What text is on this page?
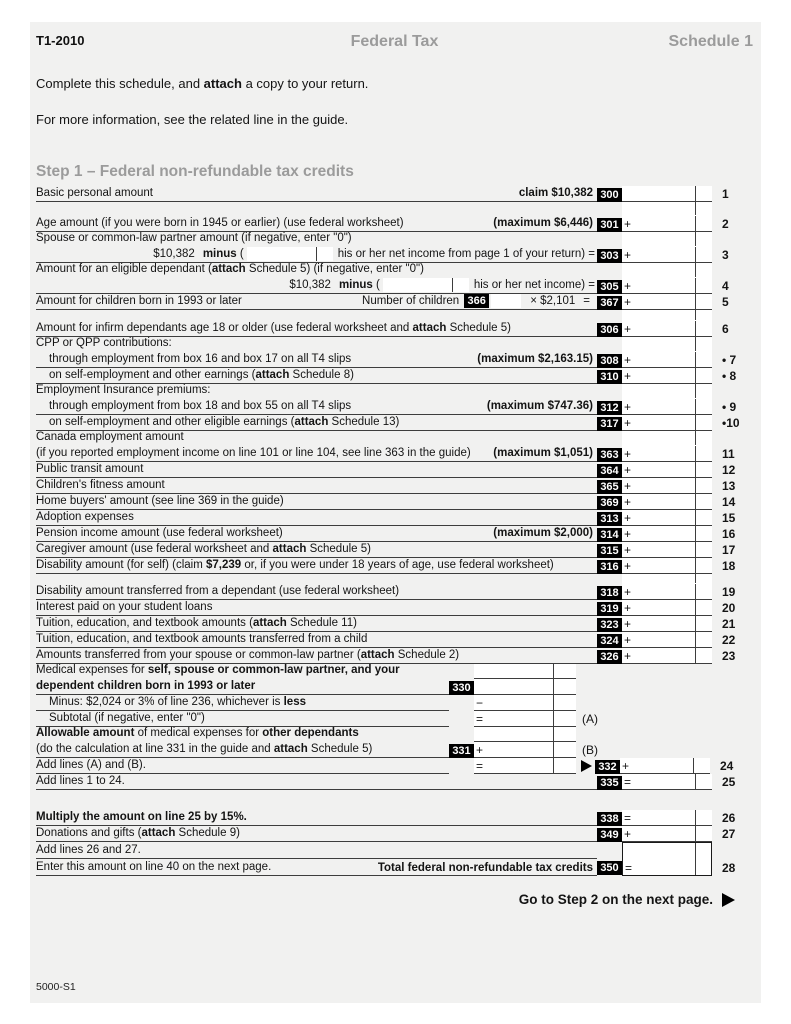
T1-2010	Federal Tax	Schedule 1
Complete this schedule, and attach a copy to your return.
For more information, see the related line in the guide.
Step 1 – Federal non-refundable tax credits
Basic personal amount	claim $10,382 300	1
Age amount (if you were born in 1945 or earlier) (use federal worksheet)	(maximum $6,446) 301 +	2
Spouse or common-law partner amount (if negative, enter "0")
$10,382 minus (	his or her net income from page 1 of your return) = 303 +	3
Amount for an eligible dependant (attach Schedule 5) (if negative, enter "0")
$10,382 minus (	his or her net income) = 305 +	4
Amount for children born in 1993 or later	Number of children 366	× $2,101 = 367 +	5
Amount for infirm dependants age 18 or older (use federal worksheet and attach Schedule 5)	306 +	6
CPP or QPP contributions:
through employment from box 16 and box 17 on all T4 slips	(maximum $2,163.15) 308 +	• 7
on self-employment and other earnings (attach Schedule 8)	310 +	• 8
Employment Insurance premiums:
through employment from box 18 and box 55 on all T4 slips	(maximum $747.36) 312 +	• 9
on self-employment and other eligible earnings (attach Schedule 13)	317 +	•10
Canada employment amount
(if you reported employment income on line 101 or line 104, see line 363 in the guide) (maximum $1,051) 363 +	11
Public transit amount	364 +	12
Children's fitness amount	365 +	13
Home buyers' amount (see line 369 in the guide)	369 +	14
Adoption expenses	313 +	15
Pension income amount (use federal worksheet)	(maximum $2,000) 314 +	16
Caregiver amount (use federal worksheet and attach Schedule 5)	315 +	17
Disability amount (for self) (claim $7,239 or, if you were under 18 years of age, use federal worksheet)	316 +	18
Disability amount transferred from a dependant (use federal worksheet)	318 +	19
Interest paid on your student loans	319 +	20
Tuition, education, and textbook amounts (attach Schedule 11)	323 +	21
Tuition, education, and textbook amounts transferred from a child	324 +	22
Amounts transferred from your spouse or common-law partner (attach Schedule 2)	326 +	23
Medical expenses for self, spouse or common-law partner, and your
dependent children born in 1993 or later	330
Minus: $2,024 or 3% of line 236, whichever is less	−
Subtotal (if negative, enter "0")	=	(A)
Allowable amount of medical expenses for other dependants
(do the calculation at line 331 in the guide and attach Schedule 5)	331 +	(B)
Add lines (A) and (B).	=	332 +	24
Add lines 1 to 24.	335 =	25
Multiply the amount on line 25 by 15%.	338 =	26
Donations and gifts (attach Schedule 9)	349 +	27
Add lines 26 and 27.
Enter this amount on line 40 on the next page.	Total federal non-refundable tax credits 350 =	28
Go to Step 2 on the next page.
5000-S1
